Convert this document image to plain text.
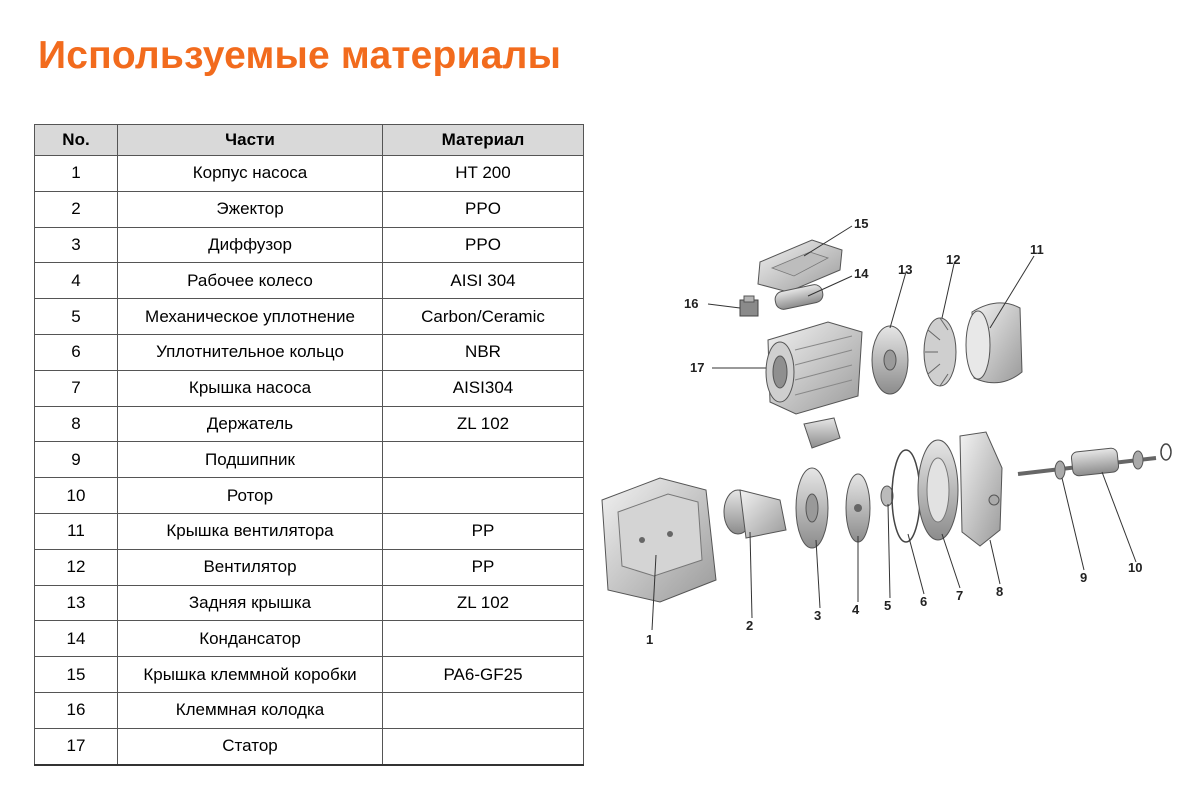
Используемые материалы
No.	Части	Материал
1	Корпус насоса	HT 200
2	Эжектор	PPO
3	Диффузор	PPO
4	Рабочее колесо	AISI 304
5	Механическое уплотнение	Carbon/Ceramic
6	Уплотнительное кольцо	NBR
7	Крышка насоса	AISI304
8	Держатель	ZL 102
9	Подшипник	
10	Ротор	
11	Крышка вентилятора	PP
12	Вентилятор	PP
13	Задняя крышка	ZL 102
14	Кондансатор	
15	Крышка клеммной коробки	PA6-GF25
16	Клеммная колодка	
17	Статор	
1
2
3 4 5 6 7	8
9
10
11
12
13
14
15
16
17
